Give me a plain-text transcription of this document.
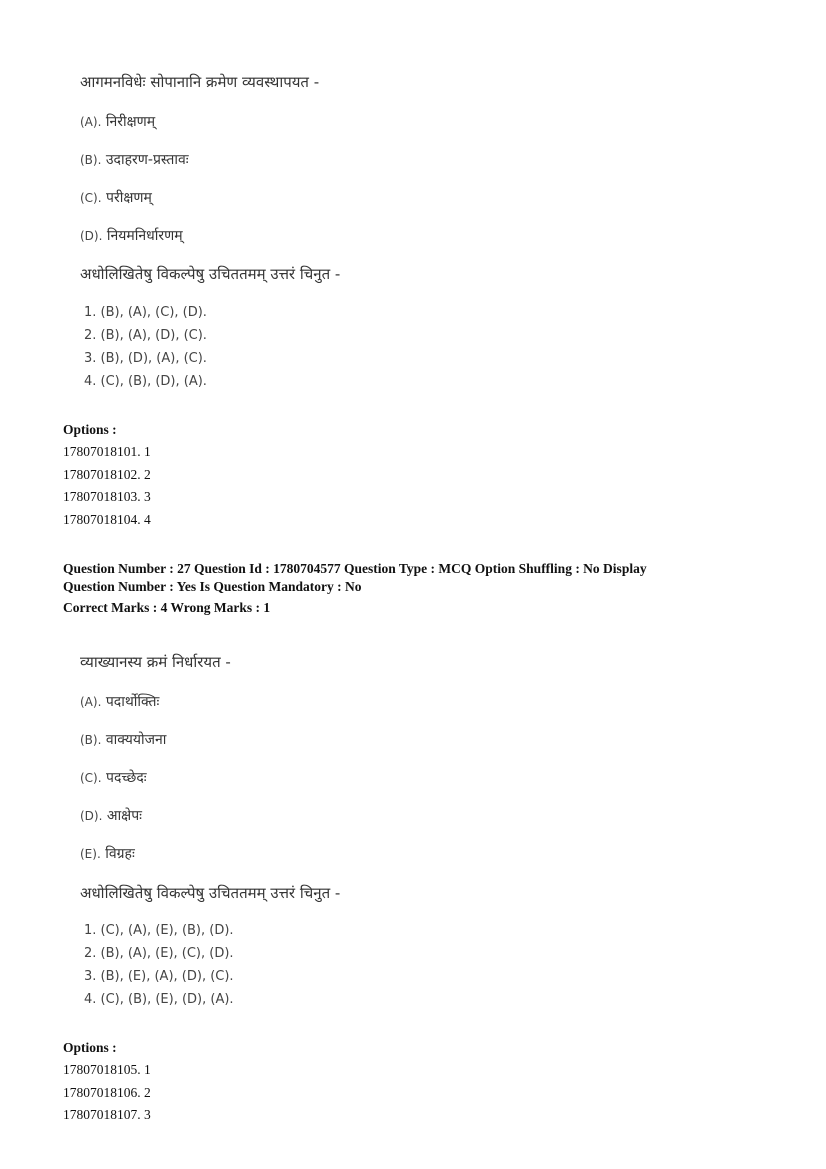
आगमनविधेः सोपानानि क्रमेण व्यवस्थापयत -
(A). निरीक्षणम्
(B). उदाहरण-प्रस्तावः
(C). परीक्षणम्
(D). नियमनिर्धारणम्
अधोलिखितेषु विकल्पेषु उचिततमम् उत्तरं चिनुत -
1. (B), (A), (C), (D).
2. (B), (A), (D), (C).
3. (B), (D), (A), (C).
4. (C), (B), (D), (A).
Options :
17807018101. 1
17807018102. 2
17807018103. 3
17807018104. 4
Question Number : 27 Question Id : 1780704577 Question Type : MCQ Option Shuffling : No Display
Question Number : Yes Is Question Mandatory : No
Correct Marks : 4 Wrong Marks : 1
व्याख्यानस्य क्रमं निर्धारयत -
(A). पदार्थोक्तिः
(B). वाक्ययोजना
(C). पदच्छेदः
(D). आक्षेपः
(E). विग्रहः
अधोलिखितेषु विकल्पेषु उचिततमम् उत्तरं चिनुत -
1. (C), (A), (E), (B), (D).
2. (B), (A), (E), (C), (D).
3. (B), (E), (A), (D), (C).
4. (C), (B), (E), (D), (A).
Options :
17807018105. 1
17807018106. 2
17807018107. 3
